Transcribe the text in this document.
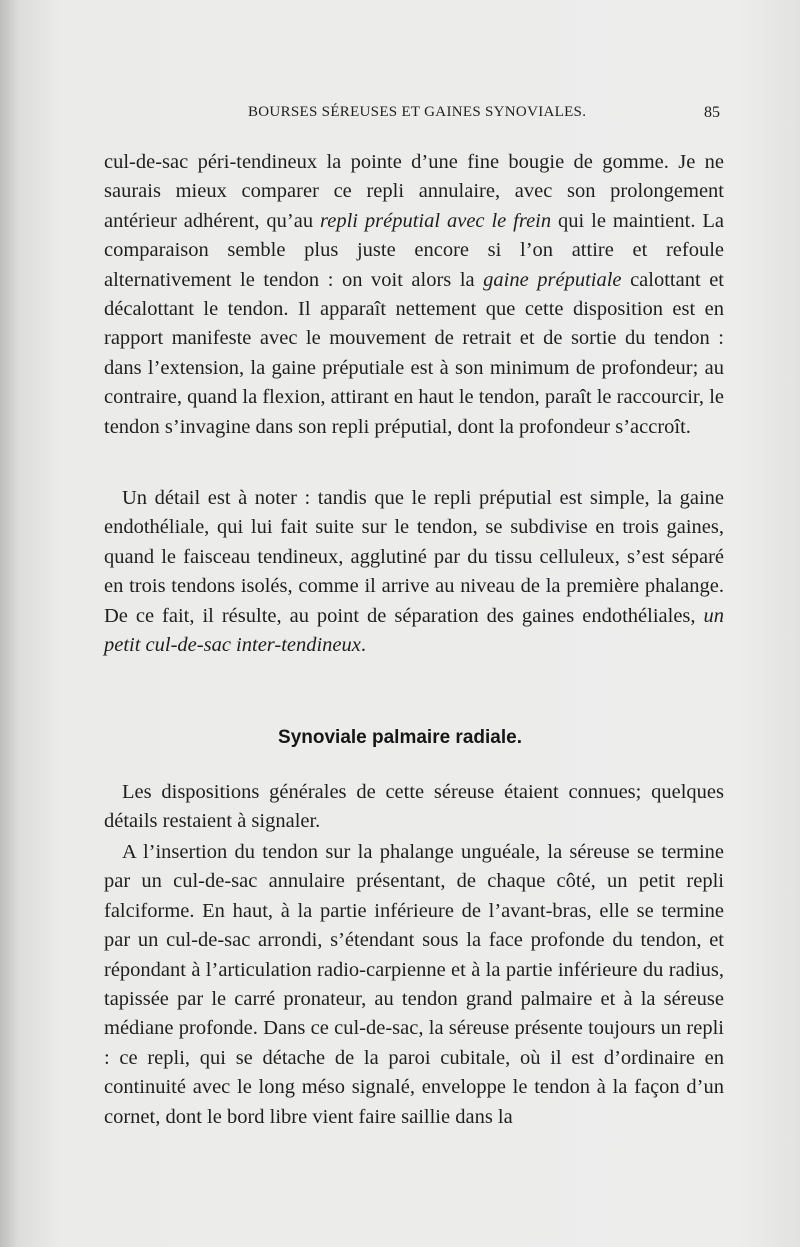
BOURSES SÉREUSES ET GAINES SYNOVIALES.	85

cul-de-sac péri-tendineux la pointe d’une fine bougie de gomme. Je ne saurais mieux comparer ce repli annulaire, avec son prolongement antérieur adhérent, qu’au repli préputial avec le frein qui le maintient. La comparaison semble plus juste encore si l’on attire et refoule alternativement le tendon : on voit alors la gaine préputiale calottant et décalottant le tendon. Il apparaît nettement que cette disposition est en rapport manifeste avec le mouvement de retrait et de sortie du tendon : dans l’extension, la gaine préputiale est à son minimum de profondeur; au contraire, quand la flexion, attirant en haut le tendon, paraît le raccourcir, le tendon s’invagine dans son repli préputial, dont la profondeur s’accroît.

Un détail est à noter : tandis que le repli préputial est simple, la gaine endothéliale, qui lui fait suite sur le tendon, se subdivise en trois gaines, quand le faisceau tendineux, agglutiné par du tissu celluleux, s’est séparé en trois tendons isolés, comme il arrive au niveau de la première phalange. De ce fait, il résulte, au point de séparation des gaines endothéliales, un petit cul-de-sac inter-tendineux.

Synoviale palmaire radiale.

Les dispositions générales de cette séreuse étaient connues; quelques détails restaient à signaler.

A l’insertion du tendon sur la phalange unguéale, la séreuse se termine par un cul-de-sac annulaire présentant, de chaque côté, un petit repli falciforme. En haut, à la partie inférieure de l’avant-bras, elle se termine par un cul-de-sac arrondi, s’étendant sous la face profonde du tendon, et répondant à l’articulation radio-carpienne et à la partie inférieure du radius, tapissée par le carré pronateur, au tendon grand palmaire et à la séreuse médiane profonde. Dans ce cul-de-sac, la séreuse présente toujours un repli : ce repli, qui se détache de la paroi cubitale, où il est d’ordinaire en continuité avec le long méso signalé, enveloppe le tendon à la façon d’un cornet, dont le bord libre vient faire saillie dans la
